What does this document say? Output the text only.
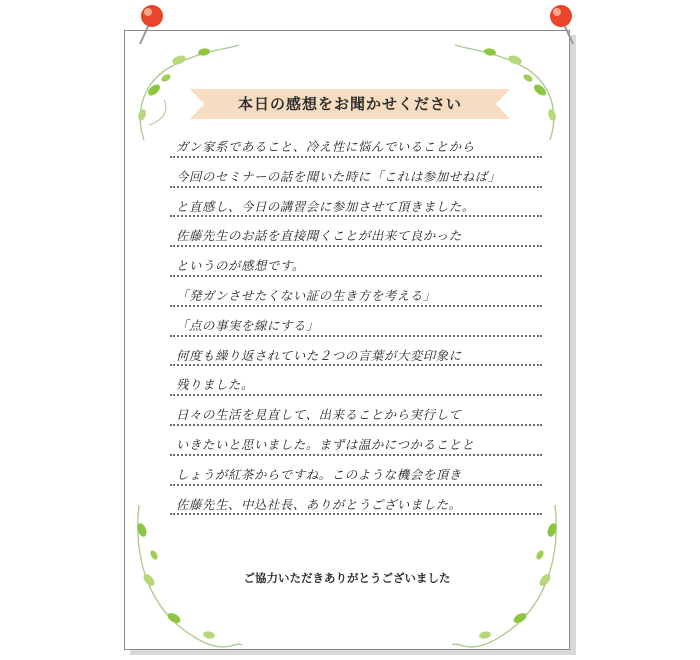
本日の感想をお聞かせください
ガン家系であること、冷え性に悩んでいることから
今回のセミナーの話を聞いた時に「これは参加せねば」
と直感し、今日の講習会に参加させて頂きました。
佐藤先生のお話を直接聞くことが出来て良かった
というのが感想です。
「発ガンさせたくない証の生き方を考える」
「点の事実を線にする」
何度も繰り返されていた２つの言葉が大変印象に
残りました。
日々の生活を見直して、出来ることから実行して
いきたいと思いました。まずは温かにつかることと
しょうが紅茶からですね。このような機会を頂き
佐藤先生、中込社長、ありがとうございました。
ご協力いただきありがとうございました
